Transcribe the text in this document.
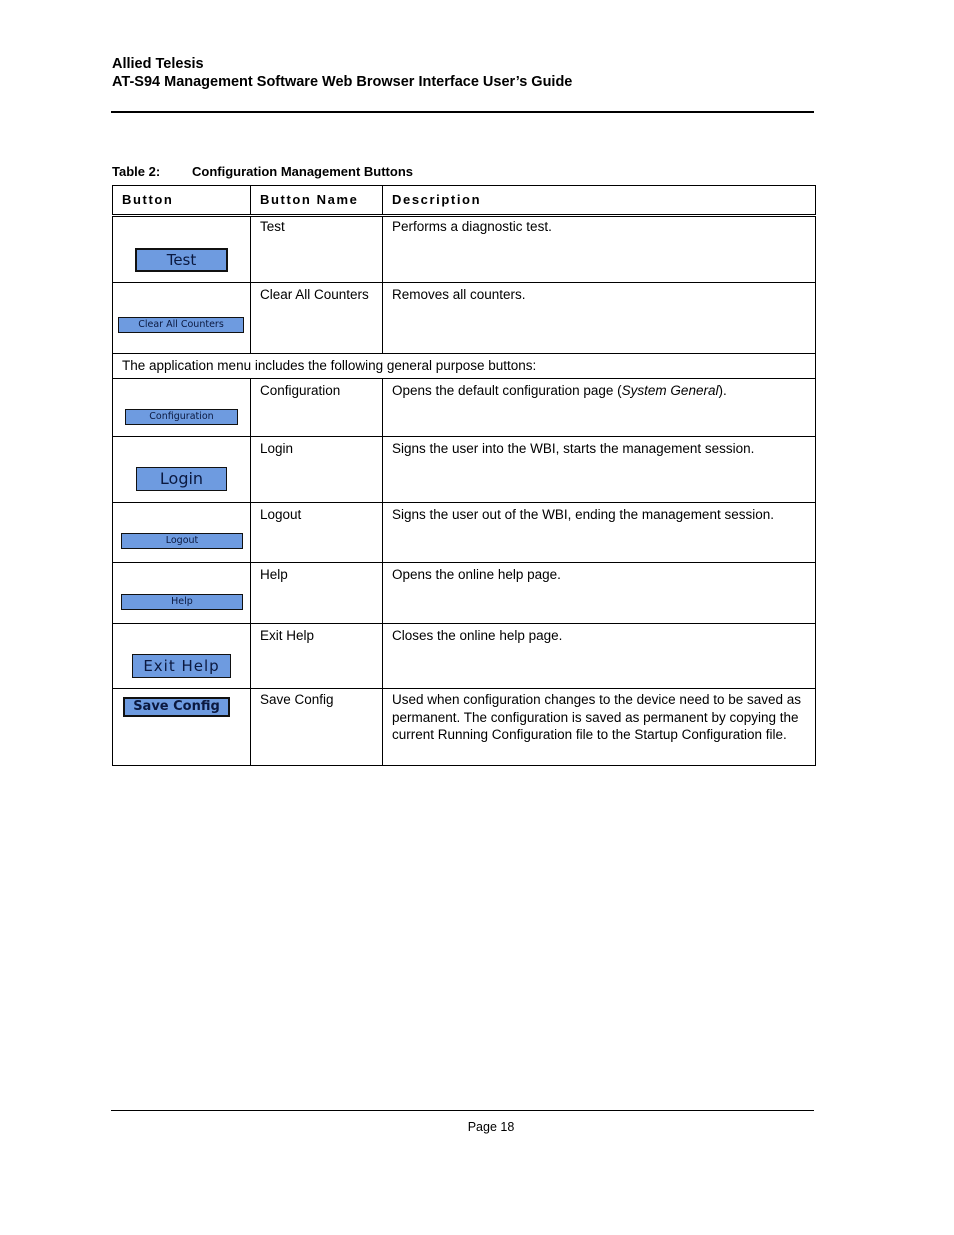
Allied Telesis
AT-S94 Management Software Web Browser Interface User’s Guide
Table 2: Configuration Management Buttons
Button	Button Name	Description

Test	Test	Performs a diagnostic test.

Clear All Counters	Clear All Counters	Removes all counters.
The application menu includes the following general purpose buttons:		

Configuration	Configuration	Opens the default configuration page (System General).

Login	Login	Signs the user into the WBI, starts the management session.

Logout	Logout	Signs the user out of the WBI, ending the management session.

Help	Help	Opens the online help page.

Exit Help	Exit Help	Closes the online help page.

Save Config	Save Config	Used when configuration changes to the device need to be saved as permanent. The configuration is saved as permanent by copying the current Running Configuration file to the Startup Configuration file.
Page 18
